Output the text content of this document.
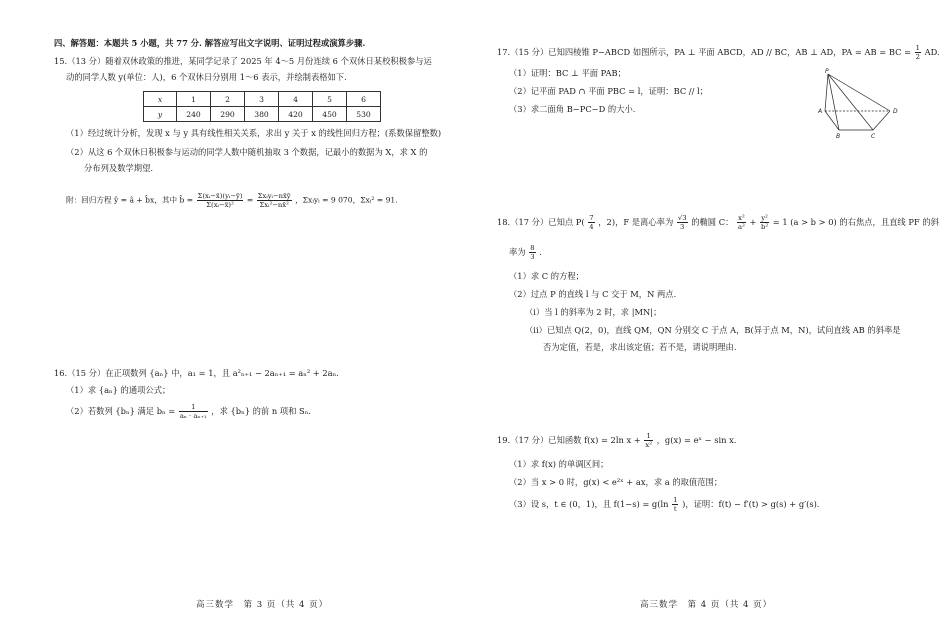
四、解答题：本题共 5 小题，共 77 分. 解答应写出文字说明、证明过程或演算步骤.
15.（13 分）随着双休政策的推进，某同学记录了 2025 年 4～5 月份连续 6 个双休日某校积极参与运
动的同学人数 y(单位：人)，6 个双休日分别用 1～6 表示，并绘制表格如下.
x	1	2	3	4	5	6
y	240	290	380	420	450	530
（1）经过统计分析，发现 x 与 y 具有线性相关关系，求出 y 关于 x 的线性回归方程；(系数保留整数)
（2）从这 6 个双休日积极参与运动的同学人数中随机抽取 3 个数据，记最小的数据为 X，求 X 的
分布列及数学期望.
附：回归方程 ŷ = â + b̂x，其中 b̂ = $\frac{\text{Σ(xᵢ−x̄)(yᵢ−ȳ)}}{\text{Σ(xᵢ−x̄)²}} = \frac{\text{Σxᵢyᵢ−nx̄ȳ}}{\text{Σxᵢ²−nx̄²}}$ ，Σxᵢyᵢ = 9 070，Σxᵢ² = 91.
16.（15 分）在正项数列 {aₙ} 中，a₁ = 1，且 a²ₙ₊₁ − 2aₙ₊₁ = aₙ² + 2aₙ.
（1）求 {aₙ} 的通项公式；
（2）若数列 {bₙ} 满足 $b_n = \frac{1}{\text{aₙ · aₙ₊₁}}$ ，求 {bₙ} 的前 n 项和 Sₙ.
高三数学　第 3 页（共 4 页）
17.（15 分）已知四棱锥 P−ABCD 如图所示，PA ⊥ 平面 ABCD，AD // BC，AB ⊥ AD，PA = AB = BC = $\frac{1}{2}$ AD.
（1）证明：BC ⊥ 平面 PAB；
（2）记平面 PAD ∩ 平面 PBC = l，证明：BC // l；
（3）求二面角 B−PC−D 的大小.
P
A
B	C
D
18.（17 分）已知点 $P( \frac{7}{4}$ ，2)，F 是离心率为 $\frac{√3}{3}$ 的椭圆 C： $\frac{\text{x²}}{\text{a²}} + \frac{\text{y²}}{\text{b²}} = 1$ (a > b > 0) 的右焦点，且直线 PF 的斜
率为 $\frac{8}{3}$ .
（1）求 C 的方程；
（2）过点 P 的直线 l 与 C 交于 M，N 两点.
（i）当 l 的斜率为 2 时，求 |MN|；
（ii）已知点 Q(2，0)，直线 QM，QN 分别交 C 于点 A，B(异于点 M，N)，试问直线 AB 的斜率是
否为定值，若是，求出该定值；若不是，请说明理由.
19.（17 分）已知函数 f(x) = 2ln $x + \frac{1}{\text{x²}}$ ，g(x) = eˣ − sin x.
（1）求 f(x) 的单调区间；
（2）当 x > 0 时，g(x) < e²ˣ + ax，求 a 的取值范围；
（3）设 s，t ∈ (0，1)，且 $f(1-s) = g(\ln \frac{1}{t}$ )，证明：f(t) − f′(t) > g(s) + g′(s).
高三数学　第 4 页（共 4 页）
